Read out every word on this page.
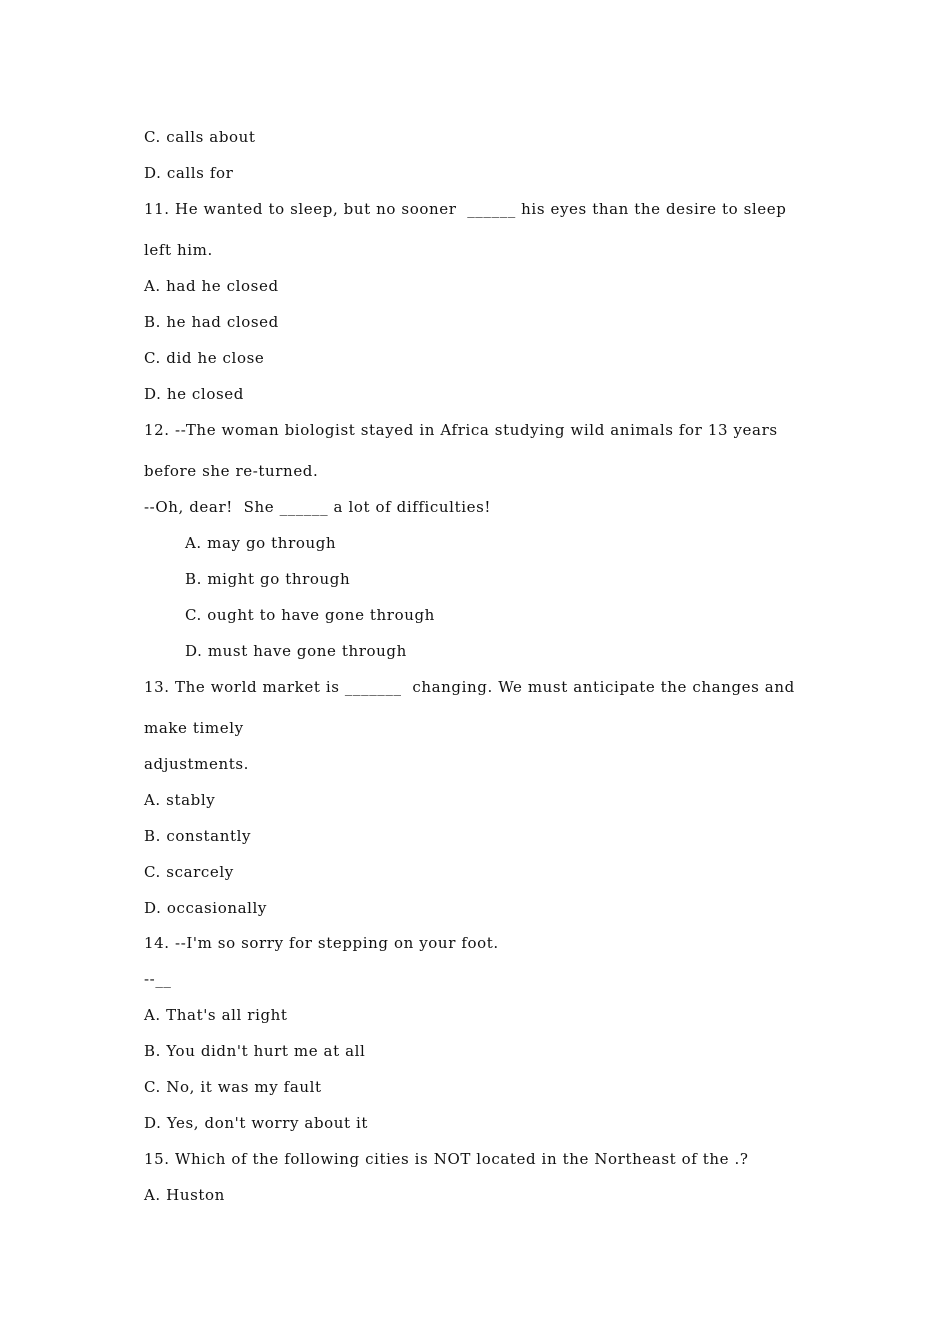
C. calls about
D. calls for
11. He wanted to sleep, but no sooner  ______ his eyes than the desire to sleep
left him.
A. had he closed
B. he had closed
C. did he close
D. he closed
12. --The woman biologist stayed in Africa studying wild animals for 13 years
before she re-turned.
--Oh, dear!  She ______ a lot of difficulties!
A. may go through
B. might go through
C. ought to have gone through
D. must have gone through
13. The world market is _______  changing. We must anticipate the changes and
make timely
adjustments.
A. stably
B. constantly
C. scarcely
D. occasionally
14. --I'm so sorry for stepping on your foot.
--__
A. That's all right
B. You didn't hurt me at all
C. No, it was my fault
D. Yes, don't worry about it
15. Which of the following cities is NOT located in the Northeast of the .?
A. Huston
